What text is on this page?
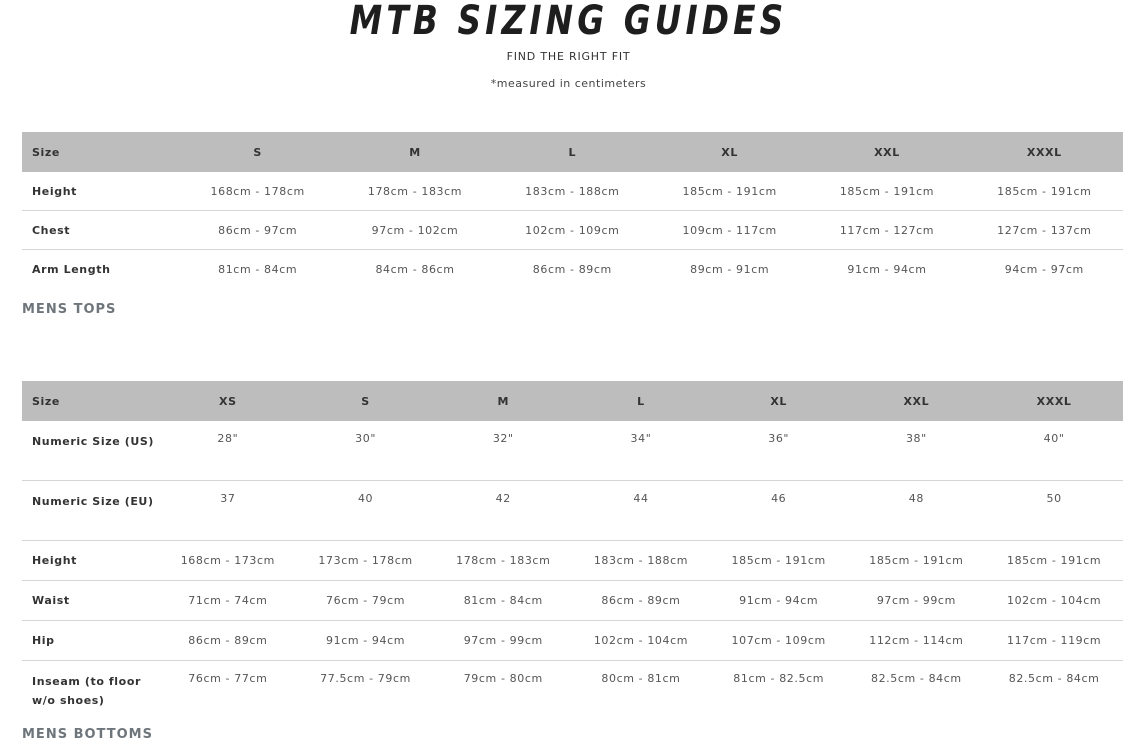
MTB SIZING GUIDES
FIND THE RIGHT FIT
*measured in centimeters
Size	S	M	L	XL	XXL	XXXL
Height	168cm - 178cm	178cm - 183cm	183cm - 188cm	185cm - 191cm	185cm - 191cm	185cm - 191cm
Chest	86cm - 97cm	97cm - 102cm	102cm - 109cm	109cm - 117cm	117cm - 127cm	127cm - 137cm
Arm Length	81cm - 84cm	84cm - 86cm	86cm - 89cm	89cm - 91cm	91cm - 94cm	94cm - 97cm
MENS TOPS
Size	XS	S	M	L	XL	XXL	XXXL
Numeric Size (US)	28"	30"	32"	34"	36"	38"	40"
Numeric Size (EU)	37	40	42	44	46	48	50
Height	168cm - 173cm	173cm - 178cm	178cm - 183cm	183cm - 188cm	185cm - 191cm	185cm - 191cm	185cm - 191cm
Waist	71cm - 74cm	76cm - 79cm	81cm - 84cm	86cm - 89cm	91cm - 94cm	97cm - 99cm	102cm - 104cm
Hip	86cm - 89cm	91cm - 94cm	97cm - 99cm	102cm - 104cm	107cm - 109cm	112cm - 114cm	117cm - 119cm
Inseam (to floor w/o shoes)	76cm - 77cm	77.5cm - 79cm	79cm - 80cm	80cm - 81cm	81cm - 82.5cm	82.5cm - 84cm	82.5cm - 84cm
MENS BOTTOMS
